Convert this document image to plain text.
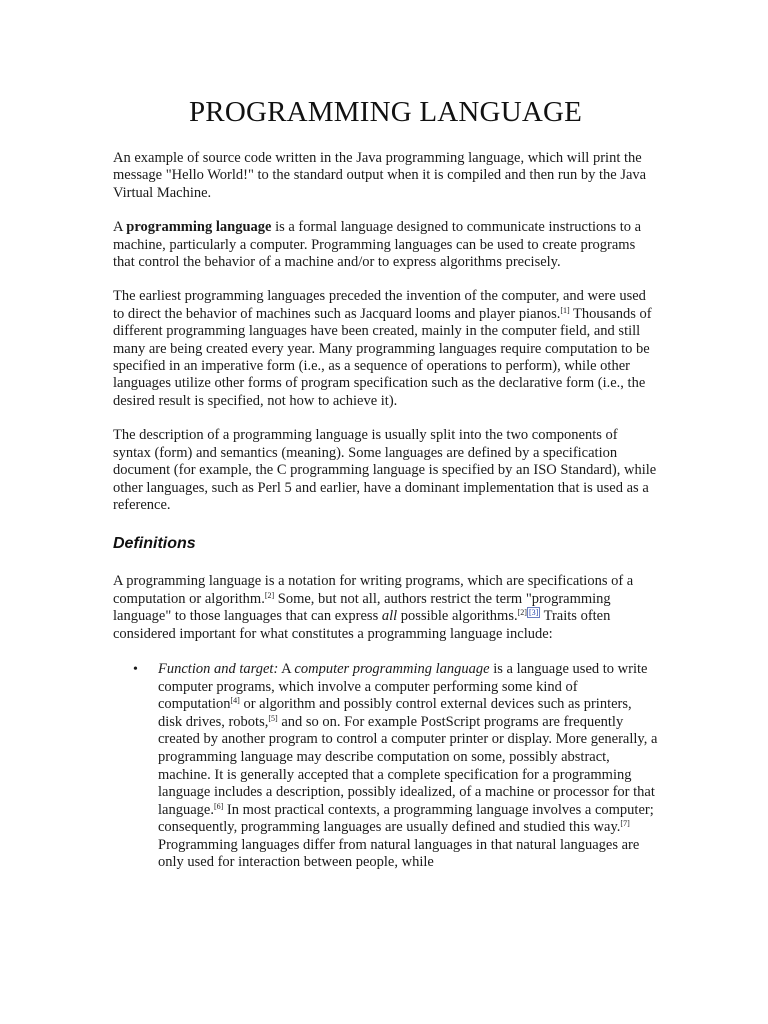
PROGRAMMING LANGUAGE

An example of source code written in the Java programming language, which will print the message "Hello World!" to the standard output when it is compiled and then run by the Java Virtual Machine.

A programming language is a formal language designed to communicate instructions to a machine, particularly a computer. Programming languages can be used to create programs that control the behavior of a machine and/or to express algorithms precisely.

The earliest programming languages preceded the invention of the computer, and were used to direct the behavior of machines such as Jacquard looms and player pianos.[1] Thousands of different programming languages have been created, mainly in the computer field, and still many are being created every year. Many programming languages require computation to be specified in an imperative form (i.e., as a sequence of operations to perform), while other languages utilize other forms of program specification such as the declarative form (i.e., the desired result is specified, not how to achieve it).

The description of a programming language is usually split into the two components of syntax (form) and semantics (meaning). Some languages are defined by a specification document (for example, the C programming language is specified by an ISO Standard), while other languages, such as Perl 5 and earlier, have a dominant implementation that is used as a reference.

Definitions

A programming language is a notation for writing programs, which are specifications of a computation or algorithm.[2] Some, but not all, authors restrict the term "programming language" to those languages that can express all possible algorithms.[2] [3] Traits often considered important for what constitutes a programming language include:

• Function and target: A computer programming language is a language used to write computer programs, which involve a computer performing some kind of computation[4] or algorithm and possibly control external devices such as printers, disk drives, robots,[5] and so on. For example PostScript programs are frequently created by another program to control a computer printer or display. More generally, a programming language may describe computation on some, possibly abstract, machine. It is generally accepted that a complete specification for a programming language includes a description, possibly idealized, of a machine or processor for that language.[6] In most practical contexts, a programming language involves a computer; consequently, programming languages are usually defined and studied this way.[7] Programming languages differ from natural languages in that natural languages are only used for interaction between people, while
